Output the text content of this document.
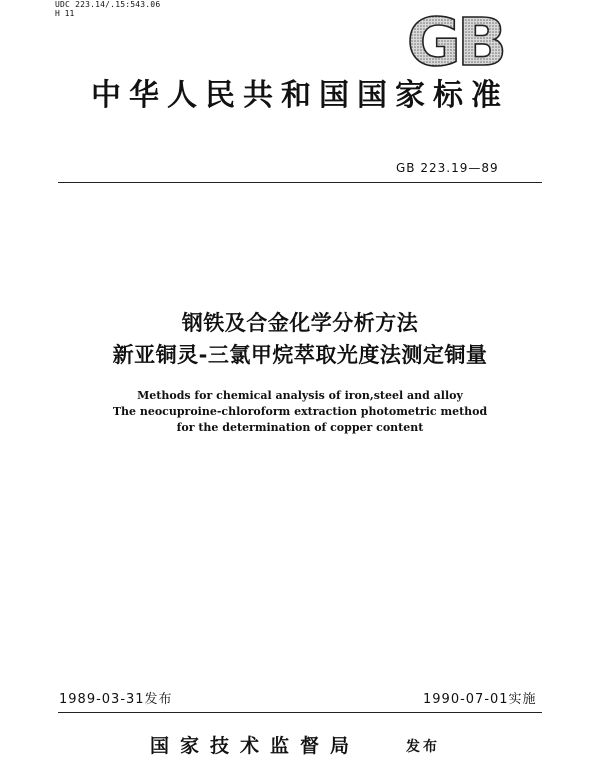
UDC 223.14/.15:543.06
H 11	GB
中华人民共和国国家标准
GB 223.19—89
钢铁及合金化学分析方法
新亚铜灵-三氯甲烷萃取光度法测定铜量
Methods for chemical analysis of iron,steel and alloy
The neocuproine-chloroform extraction photometric method
for the determination of copper content
1989-03-31发布	1990-07-01实施
国家技术监督局	发布
